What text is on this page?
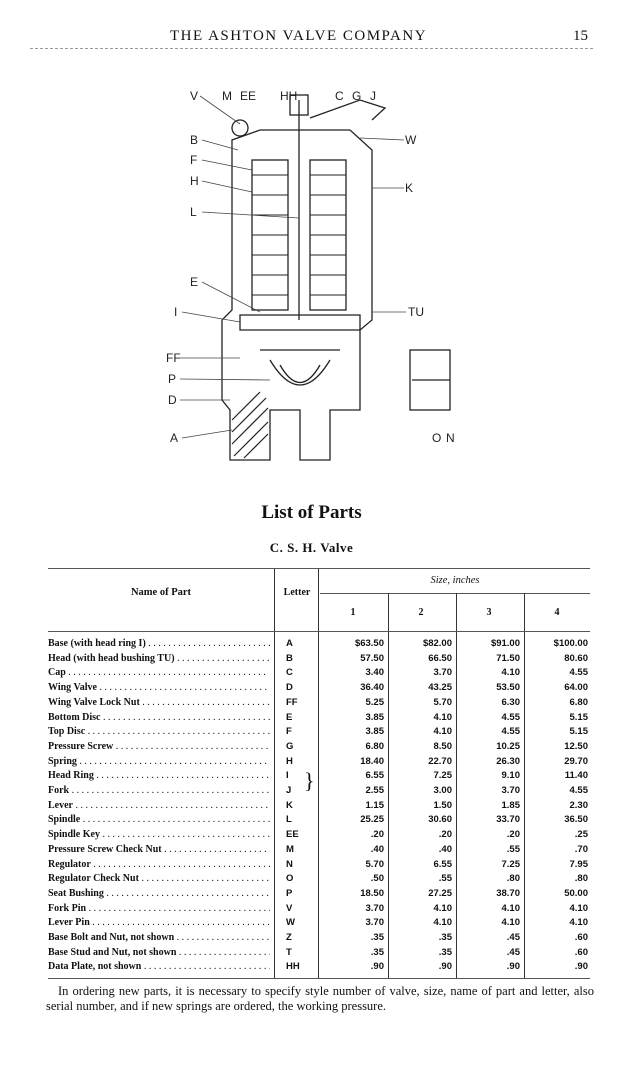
THE ASHTON VALVE COMPANY	15
V M EE HH	C G J
B	W
F
H	K
L
E
I	TU
FF
P
D
A	O N
List of Parts
C. S. H. Valve
Name of Part	Letter
Size, inches
1	2	3	4
}
Base (with head ring I) . . .	A	$63.50	$82.00	$91.00	$100.00
Head (with head bushing TU) . . .	B	57.50	66.50	71.50	80.60
Cap . . .	C	3.40	3.70	4.10	4.55
Wing Valve . . .	D	36.40	43.25	53.50	64.00
Wing Valve Lock Nut . . .	FF	5.25	5.70	6.30	6.80
Bottom Disc . . .	E	3.85	4.10	4.55	5.15
Top Disc . . .	F	3.85	4.10	4.55	5.15
Pressure Screw . . .	G	6.80	8.50	10.25	12.50
Spring . . .	H	18.40	22.70	26.30	29.70
Head Ring . . .	I	6.55	7.25	9.10	11.40
Fork . . .	J	2.55	3.00	3.70	4.55
Lever . . .	K	1.15	1.50	1.85	2.30
Spindle . . .	L	25.25	30.60	33.70	36.50
Spindle Key . . .	EE	.20	.20	.20	.25
Pressure Screw Check Nut . . .	M	.40	.40	.55	.70
Regulator . . .	N	5.70	6.55	7.25	7.95
Regulator Check Nut . . .	O	.50	.55	.80	.80
Seat Bushing . . .	P	18.50	27.25	38.70	50.00
Fork Pin . . .	V	3.70	4.10	4.10	4.10
Lever Pin . . .	W	3.70	4.10	4.10	4.10
Base Bolt and Nut, not shown . . .	Z	.35	.35	.45	.60
Base Stud and Nut, not shown . . .	T	.35	.35	.45	.60
Data Plate, not shown . . .	HH	.90	.90	.90	.90
In ordering new parts, it is necessary to specify style number of valve, size, name of part and letter, also serial number, and if new springs are ordered, the working pressure.
